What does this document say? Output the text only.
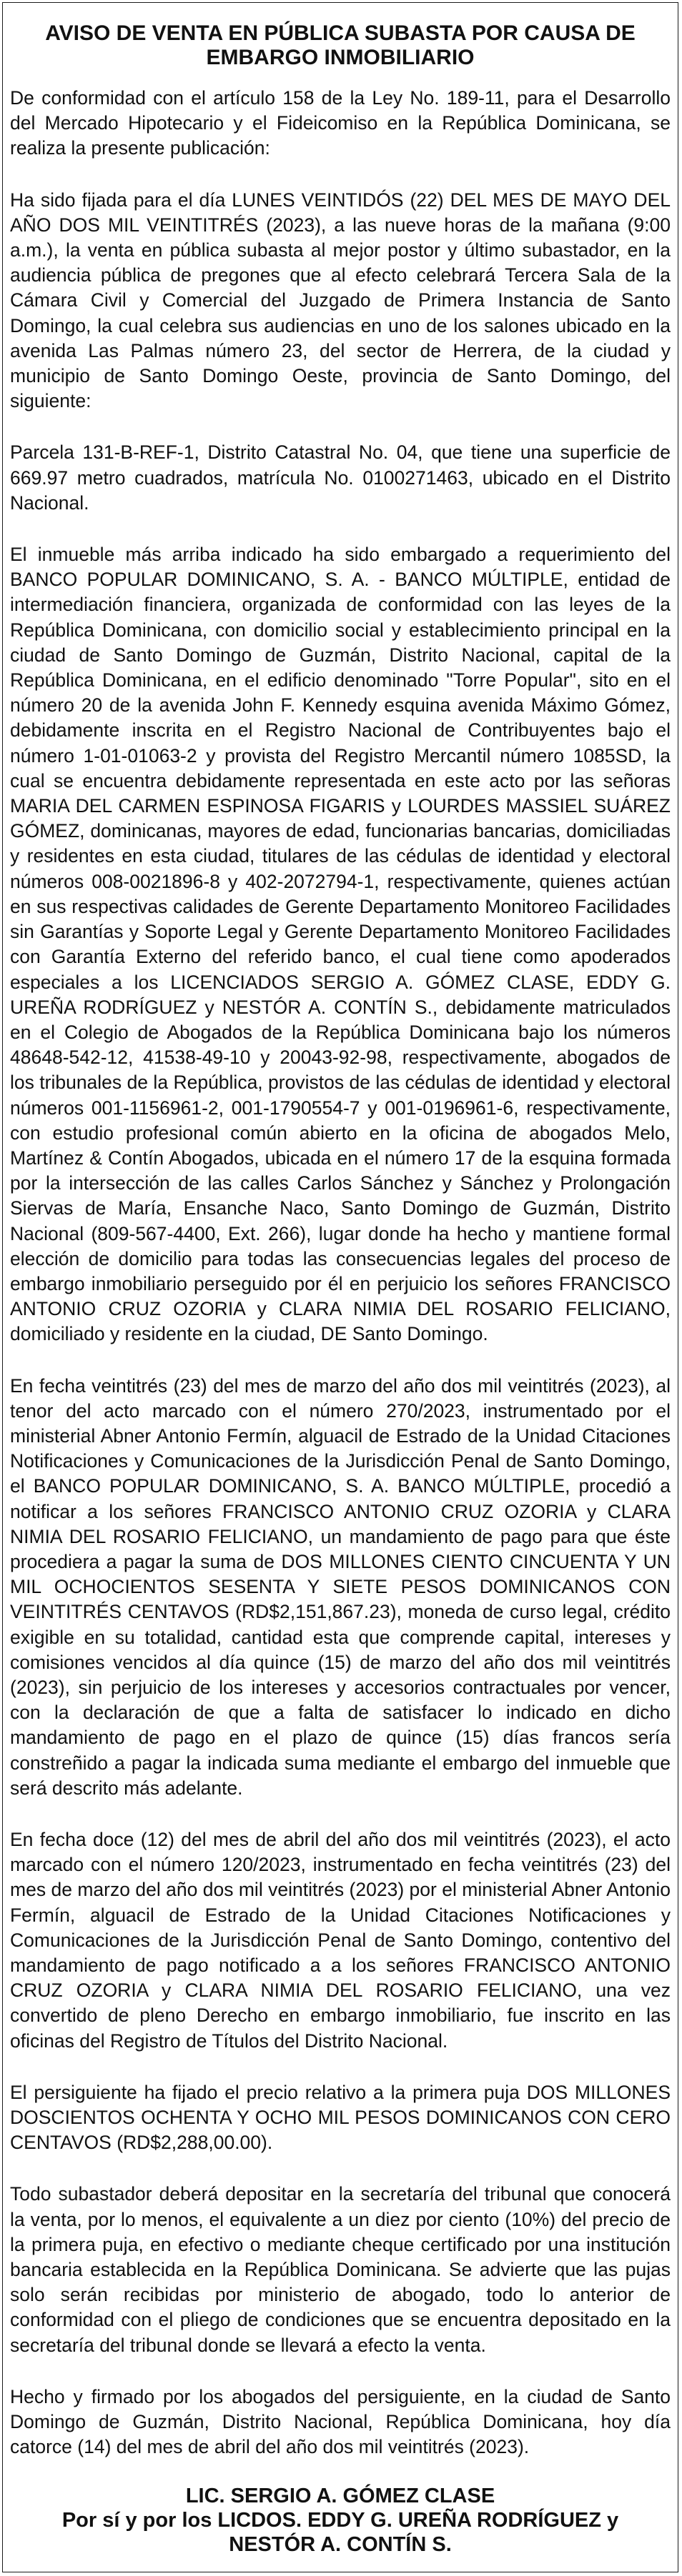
AVISO DE VENTA EN PÚBLICA SUBASTA POR CAUSA DE EMBARGO INMOBILIARIO

De conformidad con el artículo 158 de la Ley No. 189-11, para el Desarrollo del Mercado Hipotecario y el Fideicomiso en la República Dominicana, se realiza la presente publicación:

Ha sido fijada para el día LUNES VEINTIDÓS (22) DEL MES DE MAYO DEL AÑO DOS MIL VEINTITRÉS (2023), a las nueve horas de la mañana (9:00 a.m.), la venta en pública subasta al mejor postor y último subastador, en la audiencia pública de pregones que al efecto celebrará Tercera Sala de la Cámara Civil y Comercial del Juzgado de Primera Instancia de Santo Domingo, la cual celebra sus audiencias en uno de los salones ubicado en la avenida Las Palmas número 23, del sector de Herrera, de la ciudad y municipio de Santo Domingo Oeste, provincia de Santo Domingo, del siguiente:

Parcela 131-B-REF-1, Distrito Catastral No. 04, que tiene una superficie de 669.97 metro cuadrados, matrícula No. 0100271463, ubicado en el Distrito Nacional.

El inmueble más arriba indicado ha sido embargado a requerimiento del BANCO POPULAR DOMINICANO, S. A. - BANCO MÚLTIPLE, entidad de intermediación financiera, organizada de conformidad con las leyes de la República Dominicana, con domicilio social y establecimiento principal en la ciudad de Santo Domingo de Guzmán, Distrito Nacional, capital de la República Dominicana, en el edificio denominado "Torre Popular", sito en el número 20 de la avenida John F. Kennedy esquina avenida Máximo Gómez, debidamente inscrita en el Registro Nacional de Contribuyentes bajo el número 1-01-01063-2 y provista del Registro Mercantil número 1085SD, la cual se encuentra debidamente representada en este acto por las señoras MARIA DEL CARMEN ESPINOSA FIGARIS y LOURDES MASSIEL SUÁREZ GÓMEZ, dominicanas, mayores de edad, funcionarias bancarias, domiciliadas y residentes en esta ciudad, titulares de las cédulas de identidad y electoral números 008-0021896-8 y 402-2072794-1, respectivamente, quienes actúan en sus respectivas calidades de Gerente Departamento Monitoreo Facilidades sin Garantías y Soporte Legal y Gerente Departamento Monitoreo Facilidades con Garantía Externo del referido banco, el cual tiene como apoderados especiales a los LICENCIADOS SERGIO A. GÓMEZ CLASE, EDDY G. UREÑA RODRÍGUEZ y NESTÓR A. CONTÍN S., debidamente matriculados en el Colegio de Abogados de la República Dominicana bajo los números 48648-542-12, 41538-49-10 y 20043-92-98, respectivamente, abogados de los tribunales de la República, provistos de las cédulas de identidad y electoral números 001-1156961-2, 001-1790554-7 y 001-0196961-6, respectivamente, con estudio profesional común abierto en la oficina de abogados Melo, Martínez & Contín Abogados, ubicada en el número 17 de la esquina formada por la intersección de las calles Carlos Sánchez y Sánchez y Prolongación Siervas de María, Ensanche Naco, Santo Domingo de Guzmán, Distrito Nacional (809-567-4400, Ext. 266), lugar donde ha hecho y mantiene formal elección de domicilio para todas las consecuencias legales del proceso de embargo inmobiliario perseguido por él en perjuicio los señores FRANCISCO ANTONIO CRUZ OZORIA y CLARA NIMIA DEL ROSARIO FELICIANO, domiciliado y residente en la ciudad, DE Santo Domingo.

En fecha veintitrés (23) del mes de marzo del año dos mil veintitrés (2023), al tenor del acto marcado con el número 270/2023, instrumentado por el ministerial Abner Antonio Fermín, alguacil de Estrado de la Unidad Citaciones Notificaciones y Comunicaciones de la Jurisdicción Penal de Santo Domingo, el BANCO POPULAR DOMINICANO, S. A. BANCO MÚLTIPLE, procedió a notificar a los señores FRANCISCO ANTONIO CRUZ OZORIA y CLARA NIMIA DEL ROSARIO FELICIANO, un mandamiento de pago para que éste procediera a pagar la suma de DOS MILLONES CIENTO CINCUENTA Y UN MIL OCHOCIENTOS SESENTA Y SIETE PESOS DOMINICANOS CON VEINTITRÉS CENTAVOS (RD$2,151,867.23), moneda de curso legal, crédito exigible en su totalidad, cantidad esta que comprende capital, intereses y comisiones vencidos al día quince (15) de marzo del año dos mil veintitrés (2023), sin perjuicio de los intereses y accesorios contractuales por vencer, con la declaración de que a falta de satisfacer lo indicado en dicho mandamiento de pago en el plazo de quince (15) días francos sería constreñido a pagar la indicada suma mediante el embargo del inmueble que será descrito más adelante.

En fecha doce (12) del mes de abril del año dos mil veintitrés (2023), el acto marcado con el número 120/2023, instrumentado en fecha veintitrés (23) del mes de marzo del año dos mil veintitrés (2023) por el ministerial Abner Antonio Fermín, alguacil de Estrado de la Unidad Citaciones Notificaciones y Comunicaciones de la Jurisdicción Penal de Santo Domingo, contentivo del mandamiento de pago notificado a a los señores FRANCISCO ANTONIO CRUZ OZORIA y CLARA NIMIA DEL ROSARIO FELICIANO, una vez convertido de pleno Derecho en embargo inmobiliario, fue inscrito en las oficinas del Registro de Títulos del Distrito Nacional.

El persiguiente ha fijado el precio relativo a la primera puja DOS MILLONES DOSCIENTOS OCHENTA Y OCHO MIL PESOS DOMINICANOS CON CERO CENTAVOS (RD$2,288,00.00).

Todo subastador deberá depositar en la secretaría del tribunal que conocerá la venta, por lo menos, el equivalente a un diez por ciento (10%) del precio de la primera puja, en efectivo o mediante cheque certificado por una institución bancaria establecida en la República Dominicana. Se advierte que las pujas solo serán recibidas por ministerio de abogado, todo lo anterior de conformidad con el pliego de condiciones que se encuentra depositado en la secretaría del tribunal donde se llevará a efecto la venta.

Hecho y firmado por los abogados del persiguiente, en la ciudad de Santo Domingo de Guzmán, Distrito Nacional, República Dominicana, hoy día catorce (14) del mes de abril del año dos mil veintitrés (2023).

LIC. SERGIO A. GÓMEZ CLASE

Por sí y por los LICDOS. EDDY G. UREÑA RODRÍGUEZ y

NESTÓR A. CONTÍN S.
